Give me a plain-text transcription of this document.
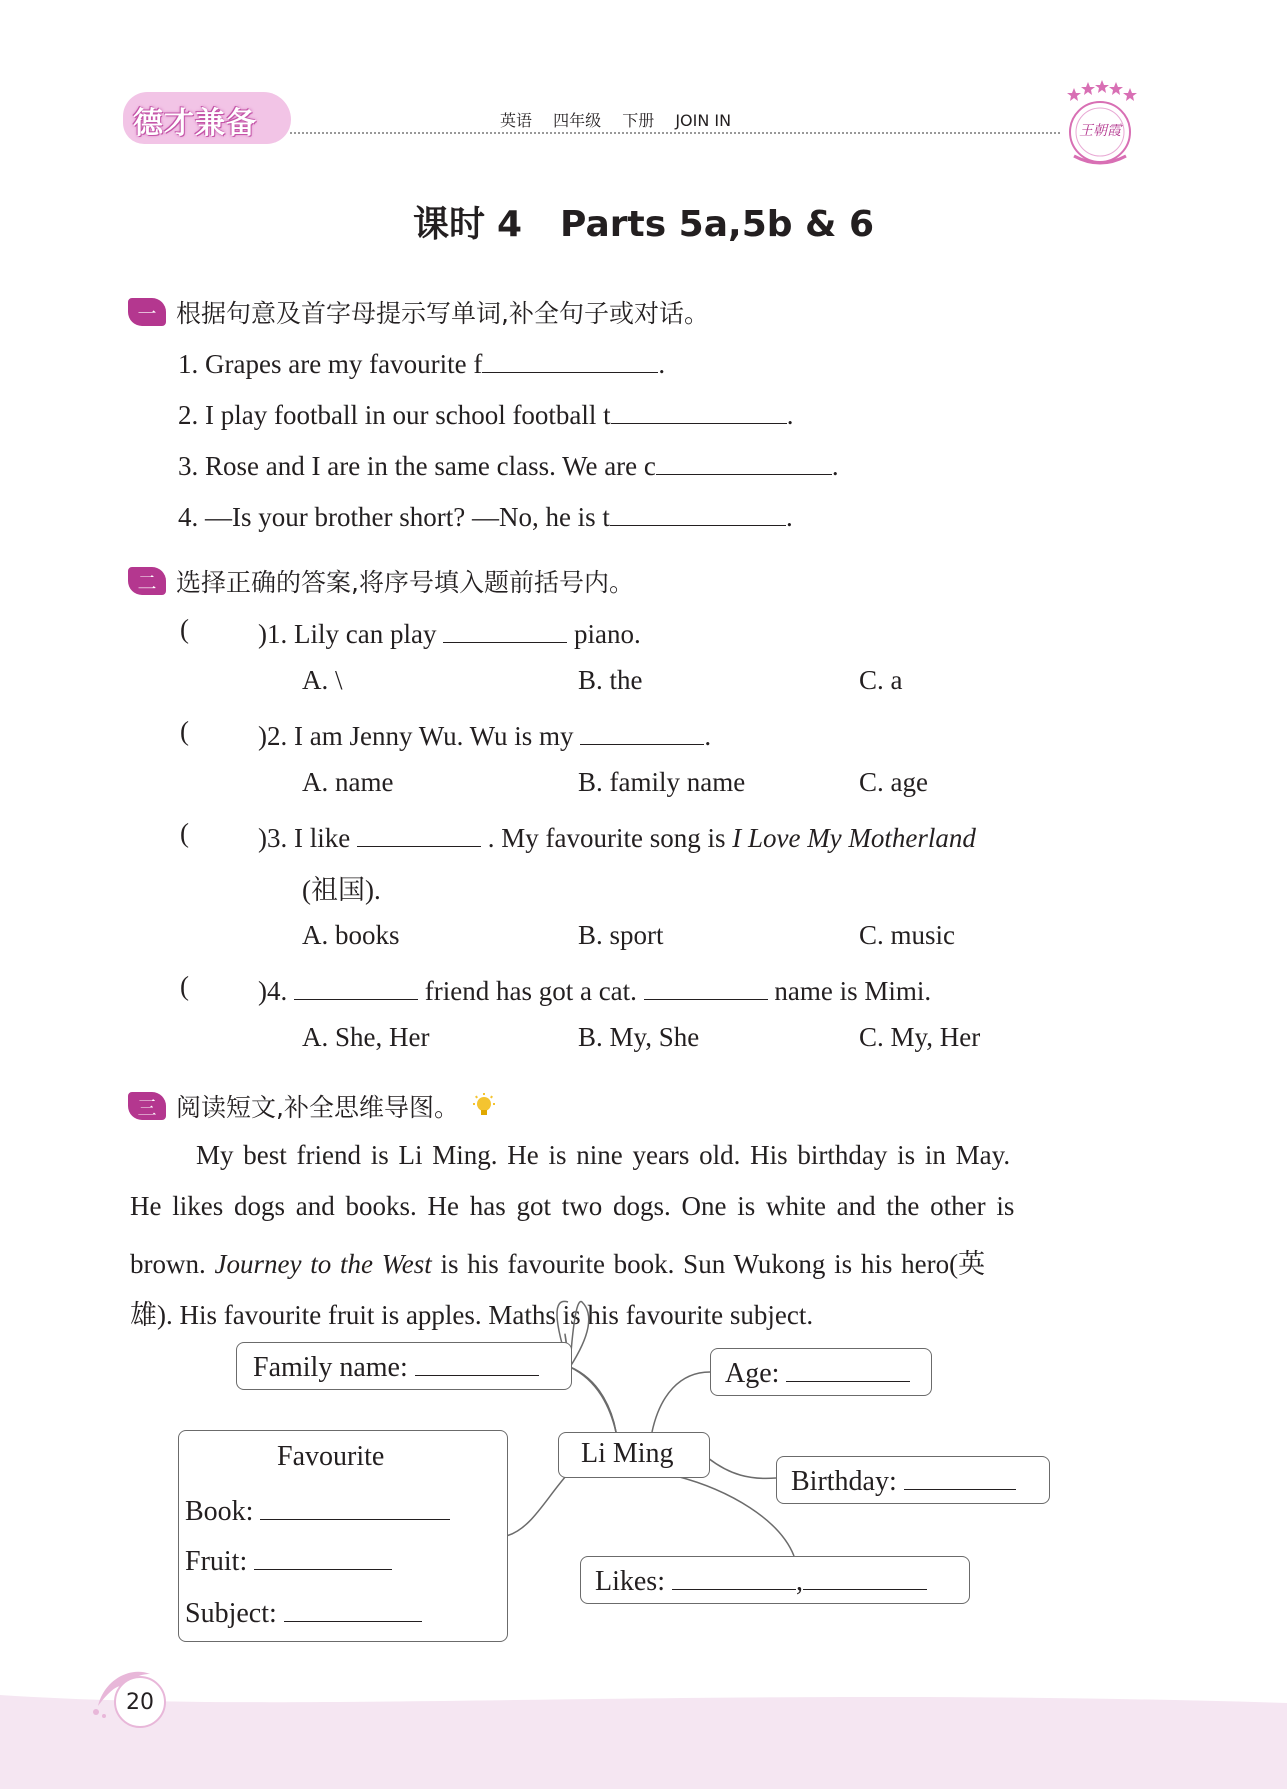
德才兼备	英语 四年级 下册 JOIN IN
王朝霞
课时 4 Parts 5a,5b & 6
一 根据句意及首字母提示写单词,补全句子或对话。
1. Grapes are my favourite f	.
2. I play football in our school football t	.
3. Rose and I are in the same class. We are c	.
4. —Is your brother short? —No, he is t	.
二 选择正确的答案,将序号填入题前括号内。
(	)1. Lily can play	piano.
A. \	B. the	C. a
(	)2. I am Jenny Wu. Wu is my	.
A. name	B. family name	C. age
(	)3. I like	. My favourite song is I Love My Motherland
(祖国).
A. books	B. sport	C. music
(	)4.	friend has got a cat.	name is Mimi.
A. She, Her	B. My, She	C. My, Her
三 阅读短文,补全思维导图。
My best friend is Li Ming. He is nine years old. His birthday is in May.
He likes dogs and books. He has got two dogs. One is white and the other is
brown. Journey to the West is his favourite book. Sun Wukong is his hero(英
雄). His favourite fruit is apples. Maths is his favourite subject.
Family name:	Age:
Li Ming
Birthday:
Favourite
Book:
Fruit:
Subject:
Likes:	,
20
